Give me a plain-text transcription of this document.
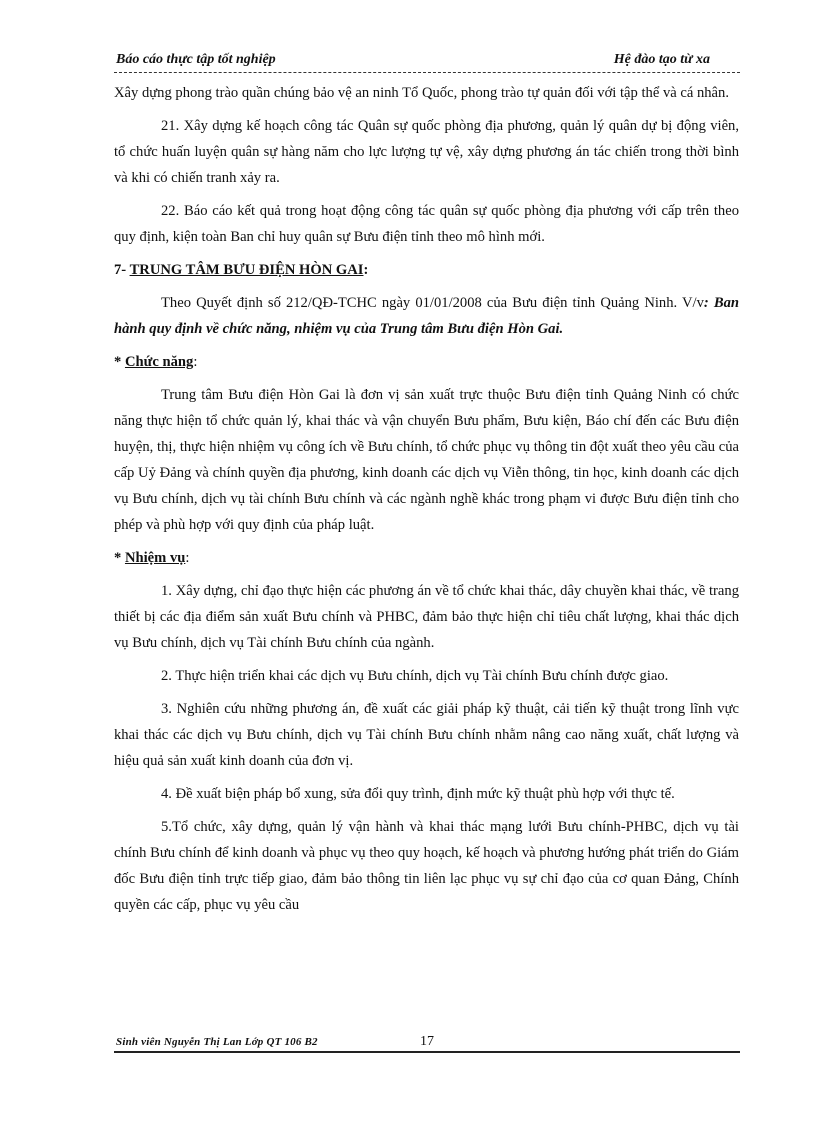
Báo cáo thực tập tốt nghiệp	Hệ đào tạo từ xa

Xây dựng phong trào quần chúng bảo vệ an ninh Tổ Quốc, phong trào tự quản đối với tập thể và cá nhân.

21. Xây dựng kế hoạch công tác Quân sự quốc phòng địa phương, quản lý quân dự bị động viên, tổ chức huấn luyện quân sự hàng năm cho lực lượng tự vệ, xây dựng phương án tác chiến trong thời bình và khi có chiến tranh xảy ra.

22. Báo cáo kết quả trong hoạt động công tác quân sự quốc phòng địa phương với cấp trên theo quy định, kiện toàn Ban chỉ huy quân sự Bưu điện tỉnh theo mô hình mới.

7- TRUNG TÂM BƯU ĐIỆN HÒN GAI:

Theo Quyết định số 212/QĐ-TCHC ngày 01/01/2008 của Bưu điện tỉnh Quảng Ninh. V/v: Ban hành quy định về chức năng, nhiệm vụ của Trung tâm Bưu điện Hòn Gai.

* Chức năng:

Trung tâm Bưu điện Hòn Gai là đơn vị sản xuất trực thuộc Bưu điện tỉnh Quảng Ninh có chức năng thực hiện tổ chức quản lý, khai thác và vận chuyển Bưu phẩm, Bưu kiện, Báo chí đến các Bưu điện huyện, thị, thực hiện nhiệm vụ công ích về Bưu chính, tổ chức phục vụ thông tin đột xuất theo yêu cầu của cấp Uỷ Đảng và chính quyền địa phương, kinh doanh các dịch vụ Viễn thông, tin học, kinh doanh các dịch vụ Bưu chính, dịch vụ tài chính Bưu chính và các ngành nghề khác trong phạm vi được Bưu điện tỉnh cho phép và phù hợp với quy định của pháp luật.

* Nhiệm vụ:

1. Xây dựng, chỉ đạo thực hiện các phương án về tổ chức khai thác, dây chuyền khai thác, về trang thiết bị các địa điểm sản xuất Bưu chính và PHBC, đảm bảo thực hiện chỉ tiêu chất lượng, khai thác dịch vụ Bưu chính, dịch vụ Tài chính Bưu chính của ngành.

2. Thực hiện triển khai các dịch vụ Bưu chính, dịch vụ Tài chính Bưu chính được giao.

3. Nghiên cứu những phương án, đề xuất các giải pháp kỹ thuật, cải tiến kỹ thuật trong lĩnh vực khai thác các dịch vụ Bưu chính, dịch vụ Tài chính Bưu chính nhằm nâng cao năng xuất, chất lượng và hiệu quả sản xuất kinh doanh của đơn vị.

4. Đề xuất biện pháp bổ xung, sửa đổi quy trình, định mức kỹ thuật phù hợp với thực tế.

5.Tổ chức, xây dựng, quản lý vận hành và khai thác mạng lưới Bưu chính-PHBC, dịch vụ tài chính Bưu chính để kinh doanh và phục vụ theo quy hoạch, kế hoạch và phương hướng phát triển do Giám đốc Bưu điện tỉnh trực tiếp giao, đảm bảo thông tin liên lạc phục vụ sự chỉ đạo của cơ quan Đảng, Chính quyền các cấp, phục vụ yêu cầu

Sinh viên Nguyễn Thị Lan Lớp QT 106 B2	17
